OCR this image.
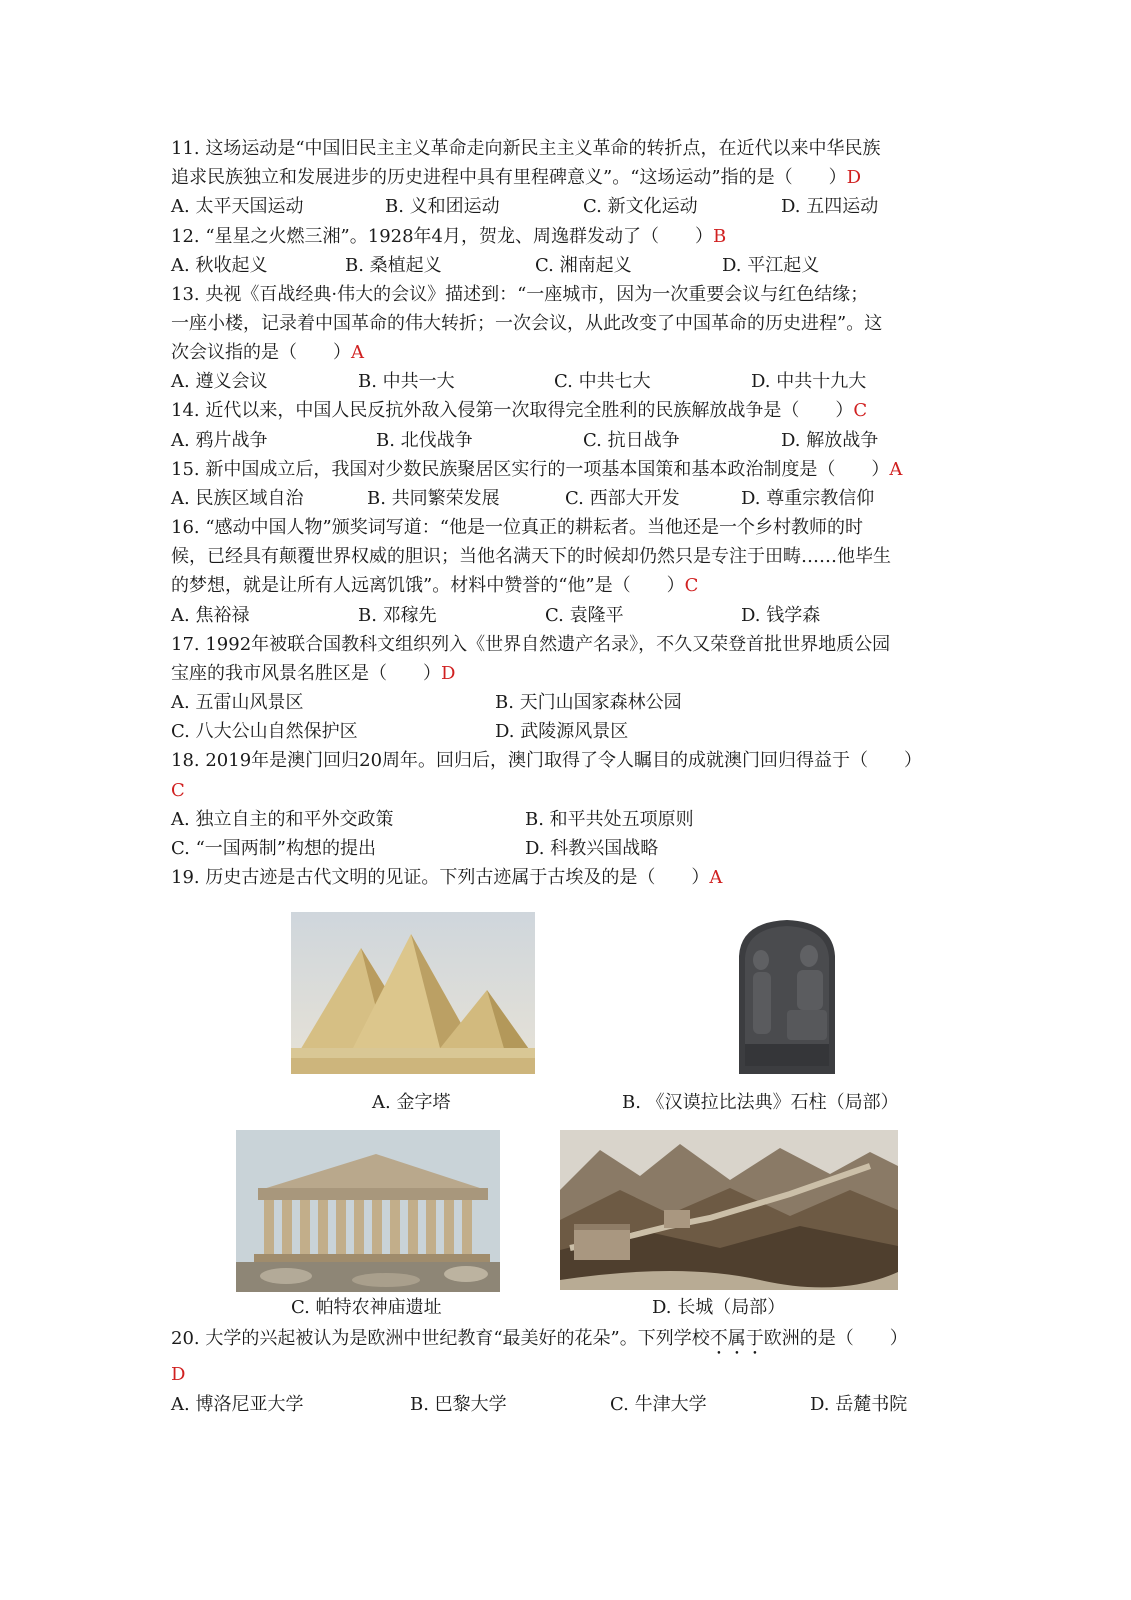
11. 这场运动是“中国旧民主主义革命走向新民主主义革命的转折点，在近代以来中华民族
追求民族独立和发展进步的历史进程中具有里程碑意义”。“这场运动”指的是（　　）D
A. 太平天国运动	B. 义和团运动	C. 新文化运动	D. 五四运动
12. “星星之火燃三湘”。1928年4月，贺龙、周逸群发动了（　　）B
A. 秋收起义	B. 桑植起义	C. 湘南起义	D. 平江起义
13. 央视《百战经典·伟大的会议》描述到：“一座城市，因为一次重要会议与红色结缘；
一座小楼，记录着中国革命的伟大转折；一次会议，从此改变了中国革命的历史进程”。这
次会议指的是（　　）A
A. 遵义会议	B. 中共一大	C. 中共七大	D. 中共十九大
14. 近代以来，中国人民反抗外敌入侵第一次取得完全胜利的民族解放战争是（　　）C
A. 鸦片战争	B. 北伐战争	C. 抗日战争	D. 解放战争
15. 新中国成立后，我国对少数民族聚居区实行的一项基本国策和基本政治制度是（　　）A
A. 民族区域自治	B. 共同繁荣发展	C. 西部大开发	D. 尊重宗教信仰
16. “感动中国人物”颁奖词写道：“他是一位真正的耕耘者。当他还是一个乡村教师的时
候，已经具有颠覆世界权威的胆识；当他名满天下的时候却仍然只是专注于田畴……他毕生
的梦想，就是让所有人远离饥饿”。材料中赞誉的“他”是（　　）C
A. 焦裕禄	B. 邓稼先	C. 袁隆平	D. 钱学森
17. 1992年被联合国教科文组织列入《世界自然遗产名录》，不久又荣登首批世界地质公园
宝座的我市风景名胜区是（　　）D
A. 五雷山风景区	B. 天门山国家森林公园
C. 八大公山自然保护区	D. 武陵源风景区
18. 2019年是澳门回归20周年。回归后，澳门取得了令人瞩目的成就澳门回归得益于（　　）
C
A. 独立自主的和平外交政策	B. 和平共处五项原则
C. “一国两制”构想的提出	D. 科教兴国战略
19. 历史古迹是古代文明的见证。下列古迹属于古埃及的是（　　）A
A. 金字塔	B. 《汉谟拉比法典》石柱（局部）
C. 帕特农神庙遗址	D. 长城（局部）
20. 大学的兴起被认为是欧洲中世纪教育“最美好的花朵”。下列学校不属于欧洲的是（　　）
D
A. 博洛尼亚大学	B. 巴黎大学	C. 牛津大学	D. 岳麓书院
